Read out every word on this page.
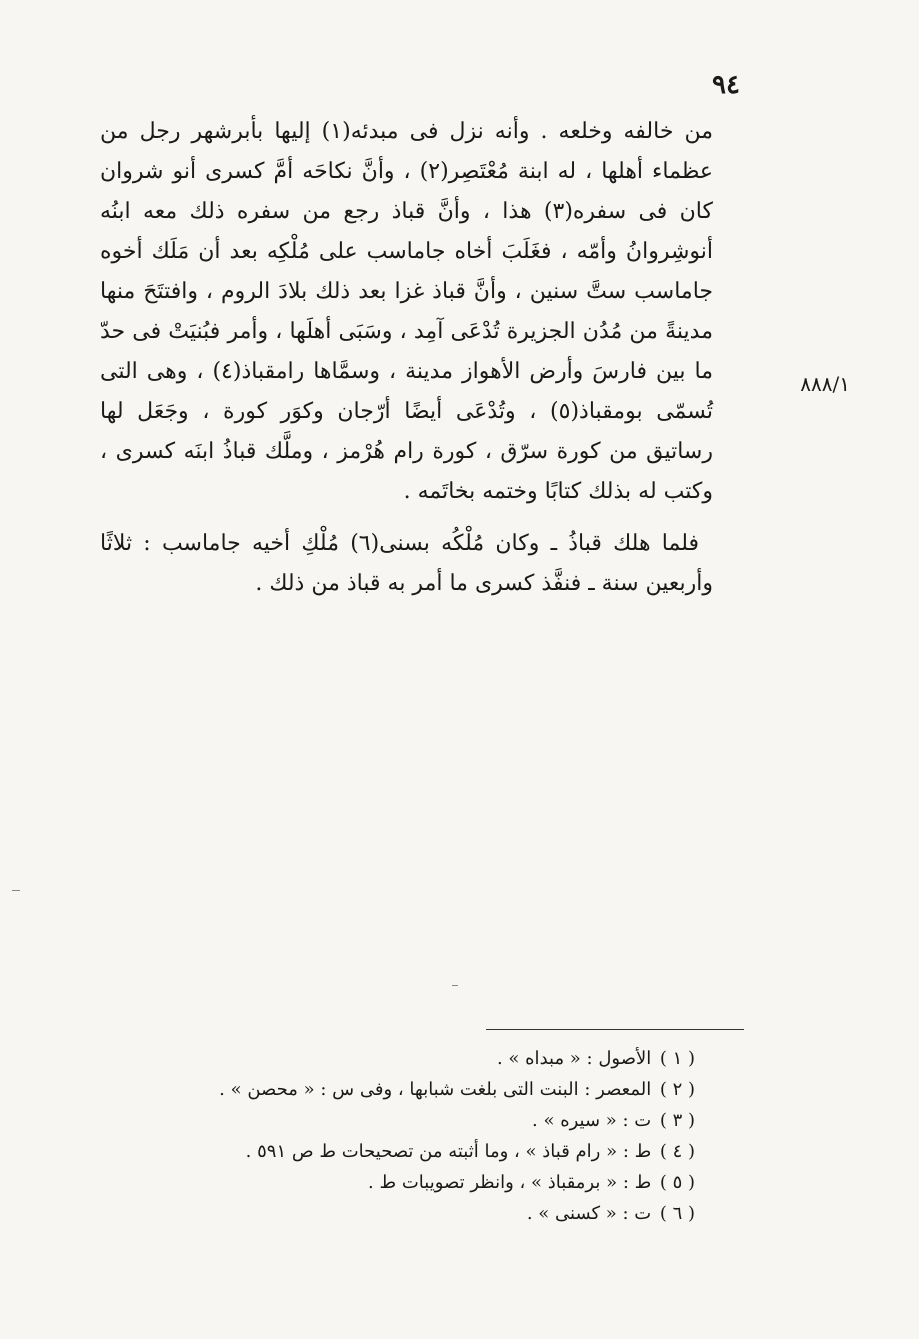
٩٤
٨٨٨/١

من خالفه وخلعه . وأنه نزل فى مبدئه(١) إليها بأبرشهر رجل من عظماء أهلها ، له ابنة مُعْتَصِر(٢) ، وأنَّ نكاحَه أمَّ كسرى أنو شروان كان فى سفره(٣) هذا ، وأنَّ قباذ رجع من سفره ذلك معه ابنُه أنوشِروانُ وأمّه ، فغَلَبَ أخاه جاماسب على مُلْكِه بعد أن مَلَك أخوه جاماسب ستَّ سنين ، وأنَّ قباذ غزا بعد ذلك بلادَ الروم ، وافتتَحَ منها مدينةً من مُدُن الجزيرة تُدْعَى آمِد ، وسَبَى أهلَها ، وأمر فبُنيَتْ فى حدّ ما بين فارسَ وأرض الأهواز مدينة ، وسمَّاها رامقباذ(٤) ، وهى التى تُسمّى بومقباذ(٥) ، وتُدْعَى أيضًا أرّجان وكوَر كورة ، وجَعَل لها رساتيق من كورة سرّق ، كورة رام هُرْمز ، وملَّك قباذُ ابنَه كسرى ، وكتب له بذلك كتابًا وختمه بخاتَمه .

فلما هلك قباذُ ـ وكان مُلْكُه بسنى(٦) مُلْكِ أخيه جاماسب : ثلاثًا وأربعين سنة ـ فنفَّذ كسرى ما أمر به قباذ من ذلك .

( ١ ) الأصول : « مبداه » .
( ٢ ) المعصر : البنت التى بلغت شبابها ، وفى س : « محصن » .
( ٣ ) ت : « سيره » .
( ٤ ) ط : « رام قباذ » ، وما أثبته من تصحيحات ط ص ٥٩١ .
( ٥ ) ط : « برمقباذ » ، وانظر تصويبات ط .
( ٦ ) ت : « كسنى » .
